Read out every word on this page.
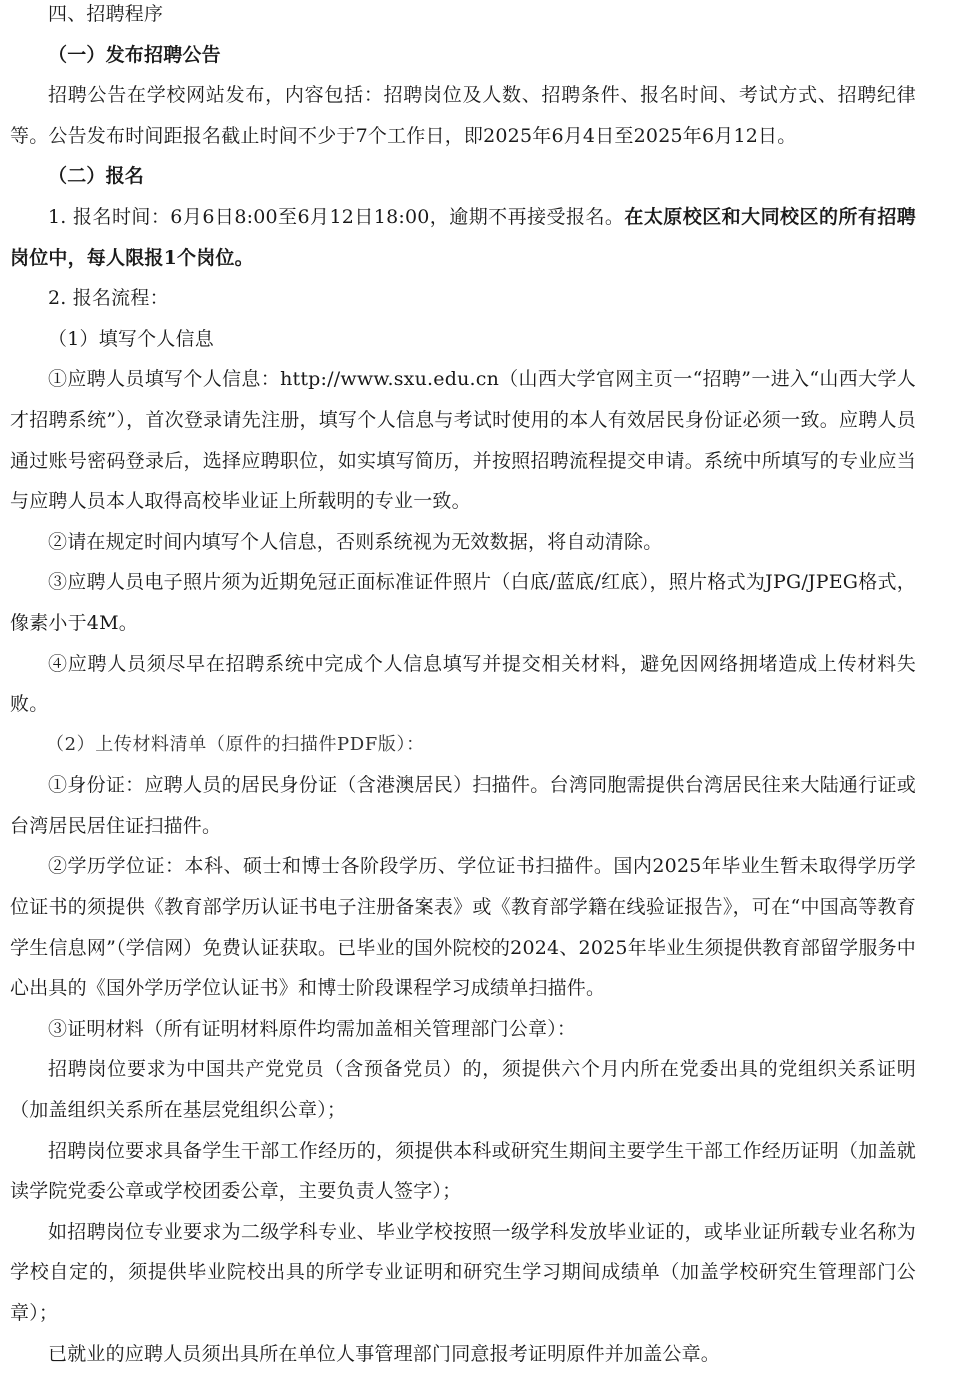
四、招聘程序

（一）发布招聘公告

招聘公告在学校网站发布，内容包括：招聘岗位及人数、招聘条件、报名时间、考试方式、招聘纪律等。公告发布时间距报名截止时间不少于7个工作日，即2025年6月4日至2025年6月12日。

（二）报名

1. 报名时间：6月6日8:00至6月12日18:00，逾期不再接受报名。在太原校区和大同校区的所有招聘岗位中，每人限报1个岗位。

2. 报名流程：

（1）填写个人信息

①应聘人员填写个人信息：http://www.sxu.edu.cn（山西大学官网主页一“招聘”一进入“山西大学人才招聘系统”），首次登录请先注册，填写个人信息与考试时使用的本人有效居民身份证必须一致。应聘人员通过账号密码登录后，选择应聘职位，如实填写简历，并按照招聘流程提交申请。系统中所填写的专业应当与应聘人员本人取得高校毕业证上所载明的专业一致。

②请在规定时间内填写个人信息，否则系统视为无效数据，将自动清除。

③应聘人员电子照片须为近期免冠正面标准证件照片（白底/蓝底/红底），照片格式为JPG/JPEG格式，像素小于4M。

④应聘人员须尽早在招聘系统中完成个人信息填写并提交相关材料，避免因网络拥堵造成上传材料失败。

（2）上传材料清单（原件的扫描件PDF版）：

①身份证：应聘人员的居民身份证（含港澳居民）扫描件。台湾同胞需提供台湾居民往来大陆通行证或台湾居民居住证扫描件。

②学历学位证：本科、硕士和博士各阶段学历、学位证书扫描件。国内2025年毕业生暂未取得学历学位证书的须提供《教育部学历认证书电子注册备案表》或《教育部学籍在线验证报告》，可在“中国高等教育学生信息网”（学信网）免费认证获取。已毕业的国外院校的2024、2025年毕业生须提供教育部留学服务中心出具的《国外学历学位认证书》和博士阶段课程学习成绩单扫描件。

③证明材料（所有证明材料原件均需加盖相关管理部门公章）：

招聘岗位要求为中国共产党党员（含预备党员）的，须提供六个月内所在党委出具的党组织关系证明（加盖组织关系所在基层党组织公章）；

招聘岗位要求具备学生干部工作经历的，须提供本科或研究生期间主要学生干部工作经历证明（加盖就读学院党委公章或学校团委公章，主要负责人签字）；

如招聘岗位专业要求为二级学科专业、毕业学校按照一级学科发放毕业证的，或毕业证所载专业名称为学校自定的，须提供毕业院校出具的所学专业证明和研究生学习期间成绩单（加盖学校研究生管理部门公章）；

已就业的应聘人员须出具所在单位人事管理部门同意报考证明原件并加盖公章。
